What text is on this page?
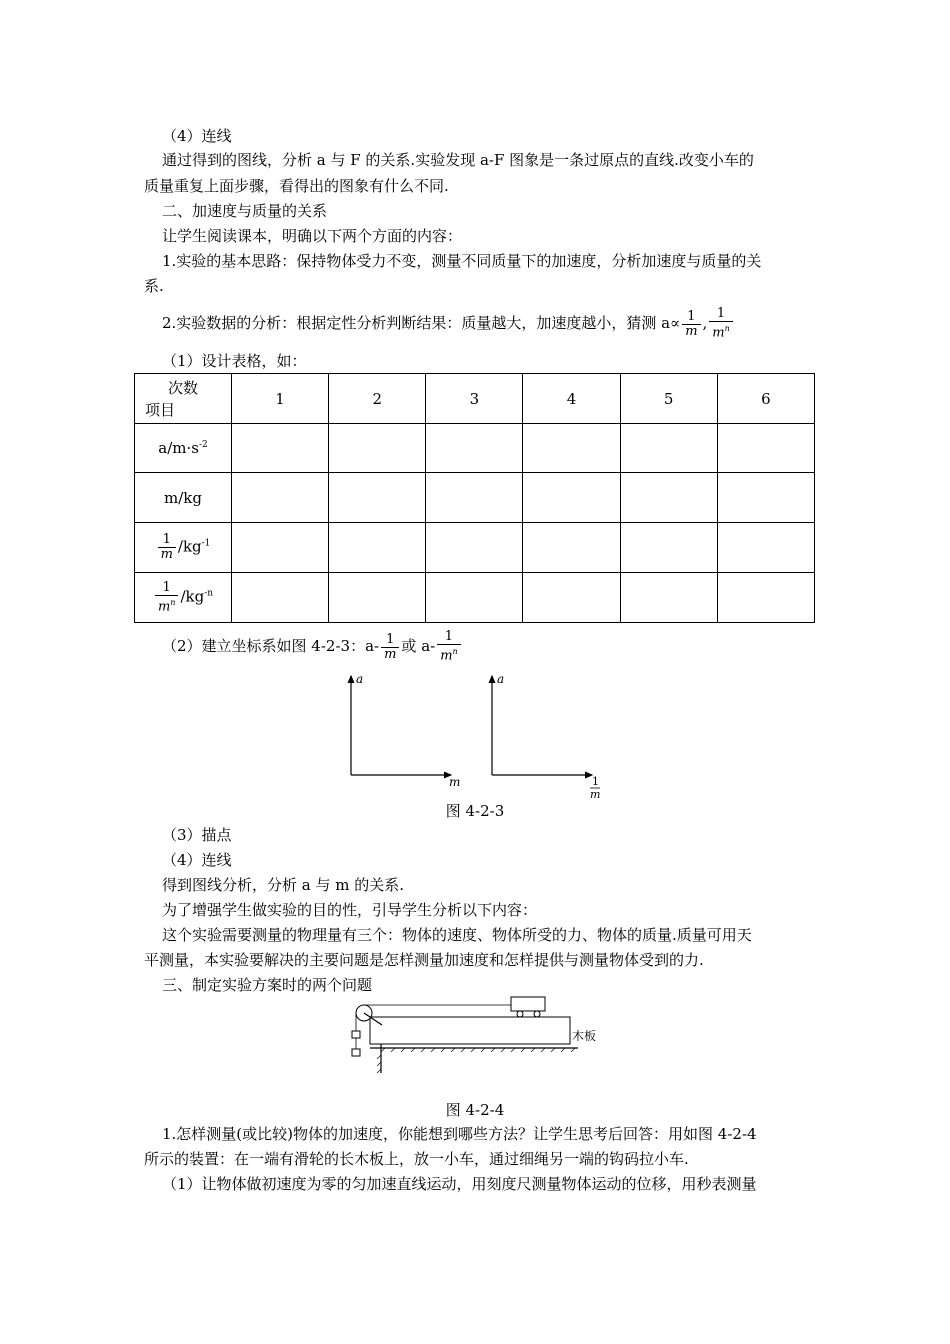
（4）连线
通过得到的图线，分析 a 与 F 的关系.实验发现 a-F 图象是一条过原点的直线.改变小车的
质量重复上面步骤，看得出的图象有什么不同.
二、加速度与质量的关系
让学生阅读课本，明确以下两个方面的内容：
1.实验的基本思路：保持物体受力不变，测量不同质量下的加速度，分析加速度与质量的关
系.
2.实验数据的分析：根据定性分析判断结果：质量越大，加速度越小，猜测 $a\propto \frac{1}{m}$ , $\frac{1}{m^n}$
（1）设计表格，如：
次数
项目	1	2	3	4	5	6
$a/m\cdot s^{-2}$						
m/kg						

$\frac{1}{m} /kg^{-1}$						

$\frac{1}{m^n} /kg^{-n}$						
（2）建立坐标系如图 4-2-3：$a- \frac{1}{m}$ 或 $a- \frac{1}{m^n}$
a
m
a
1
m
图 4-2-3
（3）描点
（4）连线
得到图线分析，分析 a 与 m 的关系.
为了增强学生做实验的目的性，引导学生分析以下内容：
这个实验需要测量的物理量有三个：物体的速度、物体所受的力、物体的质量.质量可用天
平测量，本实验要解决的主要问题是怎样测量加速度和怎样提供与测量物体受到的力.
三、制定实验方案时的两个问题
木板
图 4-2-4
1.怎样测量(或比较)物体的加速度，你能想到哪些方法？让学生思考后回答：用如图 4-2-4
所示的装置：在一端有滑轮的长木板上，放一小车，通过细绳另一端的钩码拉小车.
（1）让物体做初速度为零的匀加速直线运动，用刻度尺测量物体运动的位移，用秒表测量
